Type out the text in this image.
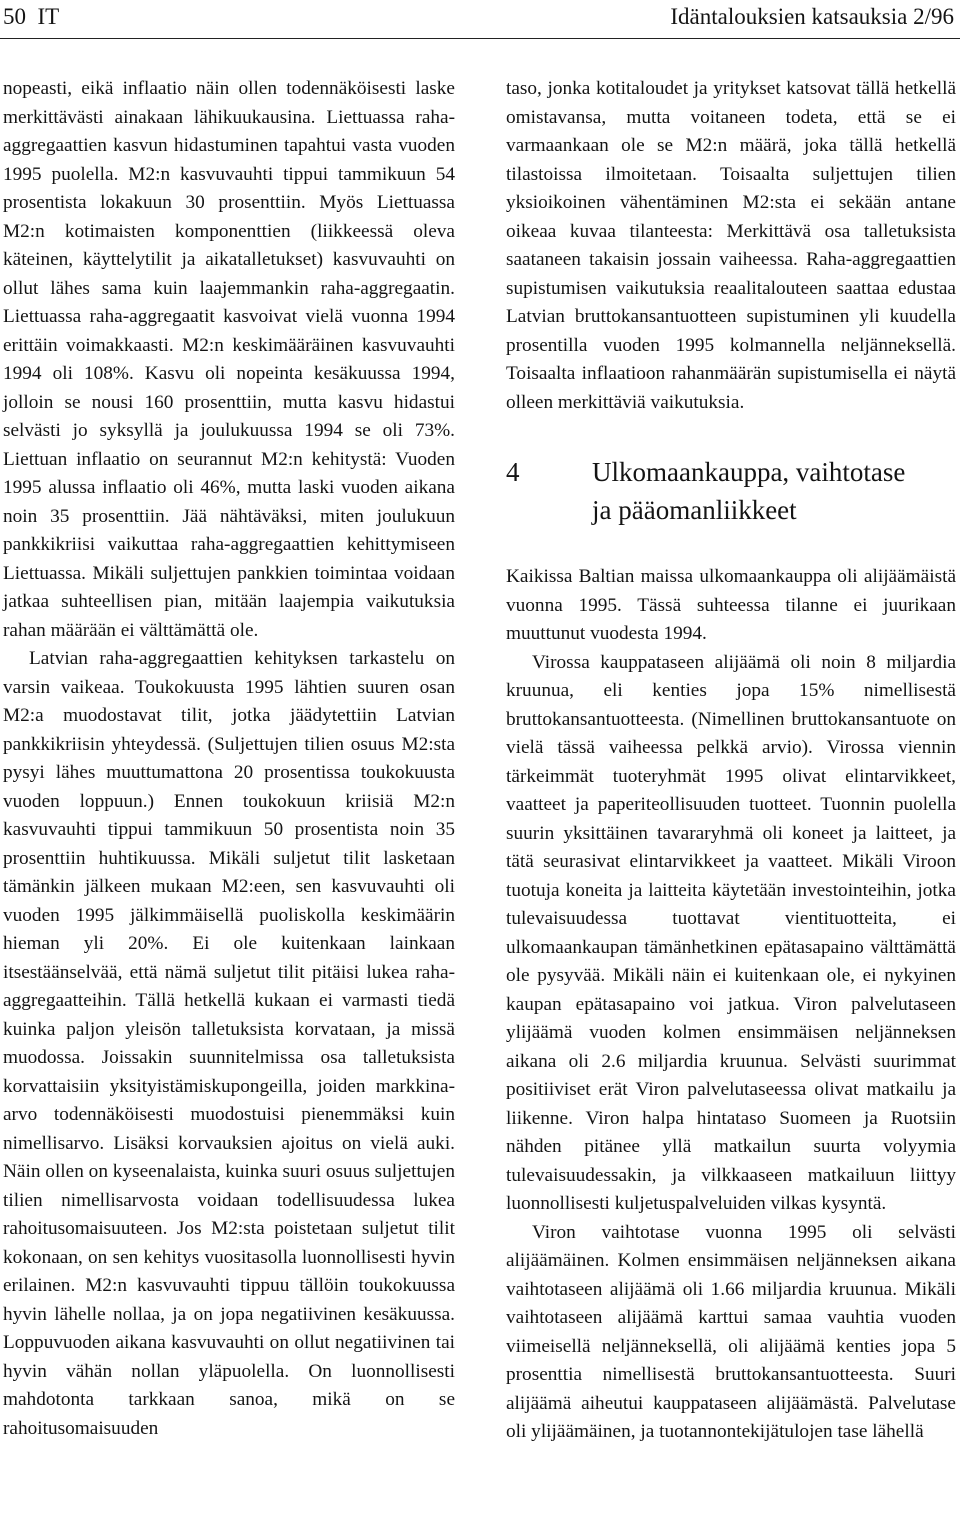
50 IT	Idäntalouksien katsauksia 2/96

nopeasti, eikä inflaatio näin ollen todennäköisesti laske merkittävästi ainakaan lähikuukausina. Liettuassa raha-aggregaattien kasvun hidastuminen tapahtui vasta vuoden 1995 puolella. M2:n kasvuvauhti tippui tammikuun 54 prosentista lokakuun 30 prosenttiin. Myös Liettuassa M2:n kotimaisten komponenttien (liikkeessä oleva käteinen, käyttelytilit ja aikatalletukset) kasvuvauhti on ollut lähes sama kuin laajemmankin raha-aggregaatin. Liettuassa raha-aggregaatit kasvoivat vielä vuonna 1994 erittäin voimakkaasti. M2:n keskimääräinen kasvuvauhti 1994 oli 108%. Kasvu oli nopeinta kesäkuussa 1994, jolloin se nousi 160 prosenttiin, mutta kasvu hidastui selvästi jo syksyllä ja joulukuussa 1994 se oli 73%. Liettuan inflaatio on seurannut M2:n kehitystä: Vuoden 1995 alussa inflaatio oli 46%, mutta laski vuoden aikana noin 35 prosenttiin. Jää nähtäväksi, miten joulukuun pankkikriisi vaikuttaa raha-aggregaattien kehittymiseen Liettuassa. Mikäli suljettujen pankkien toimintaa voidaan jatkaa suhteellisen pian, mitään laajempia vaikutuksia rahan määrään ei välttämättä ole.

Latvian raha-aggregaattien kehityksen tarkastelu on varsin vaikeaa. Toukokuusta 1995 lähtien suuren osan M2:a muodostavat tilit, jotka jäädytettiin Latvian pankkikriisin yhteydessä. (Suljettujen tilien osuus M2:sta pysyi lähes muuttumattona 20 prosentissa toukokuusta vuoden loppuun.) Ennen toukokuun kriisiä M2:n kasvuvauhti tippui tammikuun 50 prosentista noin 35 prosenttiin huhtikuussa. Mikäli suljetut tilit lasketaan tämänkin jälkeen mukaan M2:een, sen kasvuvauhti oli vuoden 1995 jälkimmäisellä puoliskolla keskimäärin hieman yli 20%. Ei ole kuitenkaan lainkaan itsestäänselvää, että nämä suljetut tilit pitäisi lukea raha-aggregaatteihin. Tällä hetkellä kukaan ei varmasti tiedä kuinka paljon yleisön talletuksista korvataan, ja missä muodossa. Joissakin suunnitelmissa osa talletuksista korvattaisiin yksityistämiskupongeilla, joiden markkina-arvo todennäköisesti muodostuisi pienemmäksi kuin nimellisarvo. Lisäksi korvauksien ajoitus on vielä auki. Näin ollen on kyseenalaista, kuinka suuri osuus suljettujen tilien nimellisarvosta voidaan todellisuudessa lukea rahoitusomaisuuteen. Jos M2:sta poistetaan suljetut tilit kokonaan, on sen kehitys vuositasolla luonnollisesti hyvin erilainen. M2:n kasvuvauhti tippuu tällöin toukokuussa hyvin lähelle nollaa, ja on jopa negatiivinen kesäkuussa. Loppuvuoden aikana kasvuvauhti on ollut negatiivinen tai hyvin vähän nollan yläpuolella. On luonnollisesti mahdotonta tarkkaan sanoa, mikä on se rahoitusomaisuuden

taso, jonka kotitaloudet ja yritykset katsovat tällä hetkellä omistavansa, mutta voitaneen todeta, että se ei varmaankaan ole se M2:n määrä, joka tällä hetkellä tilastoissa ilmoitetaan. Toisaalta suljettujen tilien yksioikoinen vähentäminen M2:sta ei sekään antane oikeaa kuvaa tilanteesta: Merkittävä osa talletuksista saataneen takaisin jossain vaiheessa. Raha-aggregaattien supistumisen vaikutuksia reaalitalouteen saattaa edustaa Latvian bruttokansantuotteen supistuminen yli kuudella prosentilla vuoden 1995 kolmannella neljänneksellä. Toisaalta inflaatioon rahanmäärän supistumisella ei näytä olleen merkittäviä vaikutuksia.

4	Ulkomaankauppa, vaihtotase
ja pääomanliikkeet

Kaikissa Baltian maissa ulkomaankauppa oli alijäämäistä vuonna 1995. Tässä suhteessa tilanne ei juurikaan muuttunut vuodesta 1994.

Virossa kauppataseen alijäämä oli noin 8 miljardia kruunua, eli kenties jopa 15% nimellisestä bruttokansantuotteesta. (Nimellinen bruttokansantuote on vielä tässä vaiheessa pelkkä arvio). Virossa viennin tärkeimmät tuoteryhmät 1995 olivat elintarvikkeet, vaatteet ja paperiteollisuuden tuotteet. Tuonnin puolella suurin yksittäinen tavararyhmä oli koneet ja laitteet, ja tätä seurasivat elintarvikkeet ja vaatteet. Mikäli Viroon tuotuja koneita ja laitteita käytetään investointeihin, jotka tulevaisuudessa tuottavat vientituotteita, ei ulkomaankaupan tämänhetkinen epätasapaino välttämättä ole pysyvää. Mikäli näin ei kuitenkaan ole, ei nykyinen kaupan epätasapaino voi jatkua. Viron palvelutaseen ylijäämä vuoden kolmen ensimmäisen neljänneksen aikana oli 2.6 miljardia kruunua. Selvästi suurimmat positiiviset erät Viron palvelutaseessa olivat matkailu ja liikenne. Viron halpa hintataso Suomeen ja Ruotsiin nähden pitänee yllä matkailun suurta volyymia tulevaisuudessakin, ja vilkkaaseen matkailuun liittyy luonnollisesti kuljetuspalveluiden vilkas kysyntä.

Viron vaihtotase vuonna 1995 oli selvästi alijäämäinen. Kolmen ensimmäisen neljänneksen aikana vaihtotaseen alijäämä oli 1.66 miljardia kruunua. Mikäli vaihtotaseen alijäämä karttui samaa vauhtia vuoden viimeisellä neljänneksellä, oli alijäämä kenties jopa 5 prosenttia nimellisestä bruttokansantuotteesta. Suuri alijäämä aiheutui kauppataseen alijäämästä. Palvelutase oli ylijäämäinen, ja tuotannontekijätulojen tase lähellä
